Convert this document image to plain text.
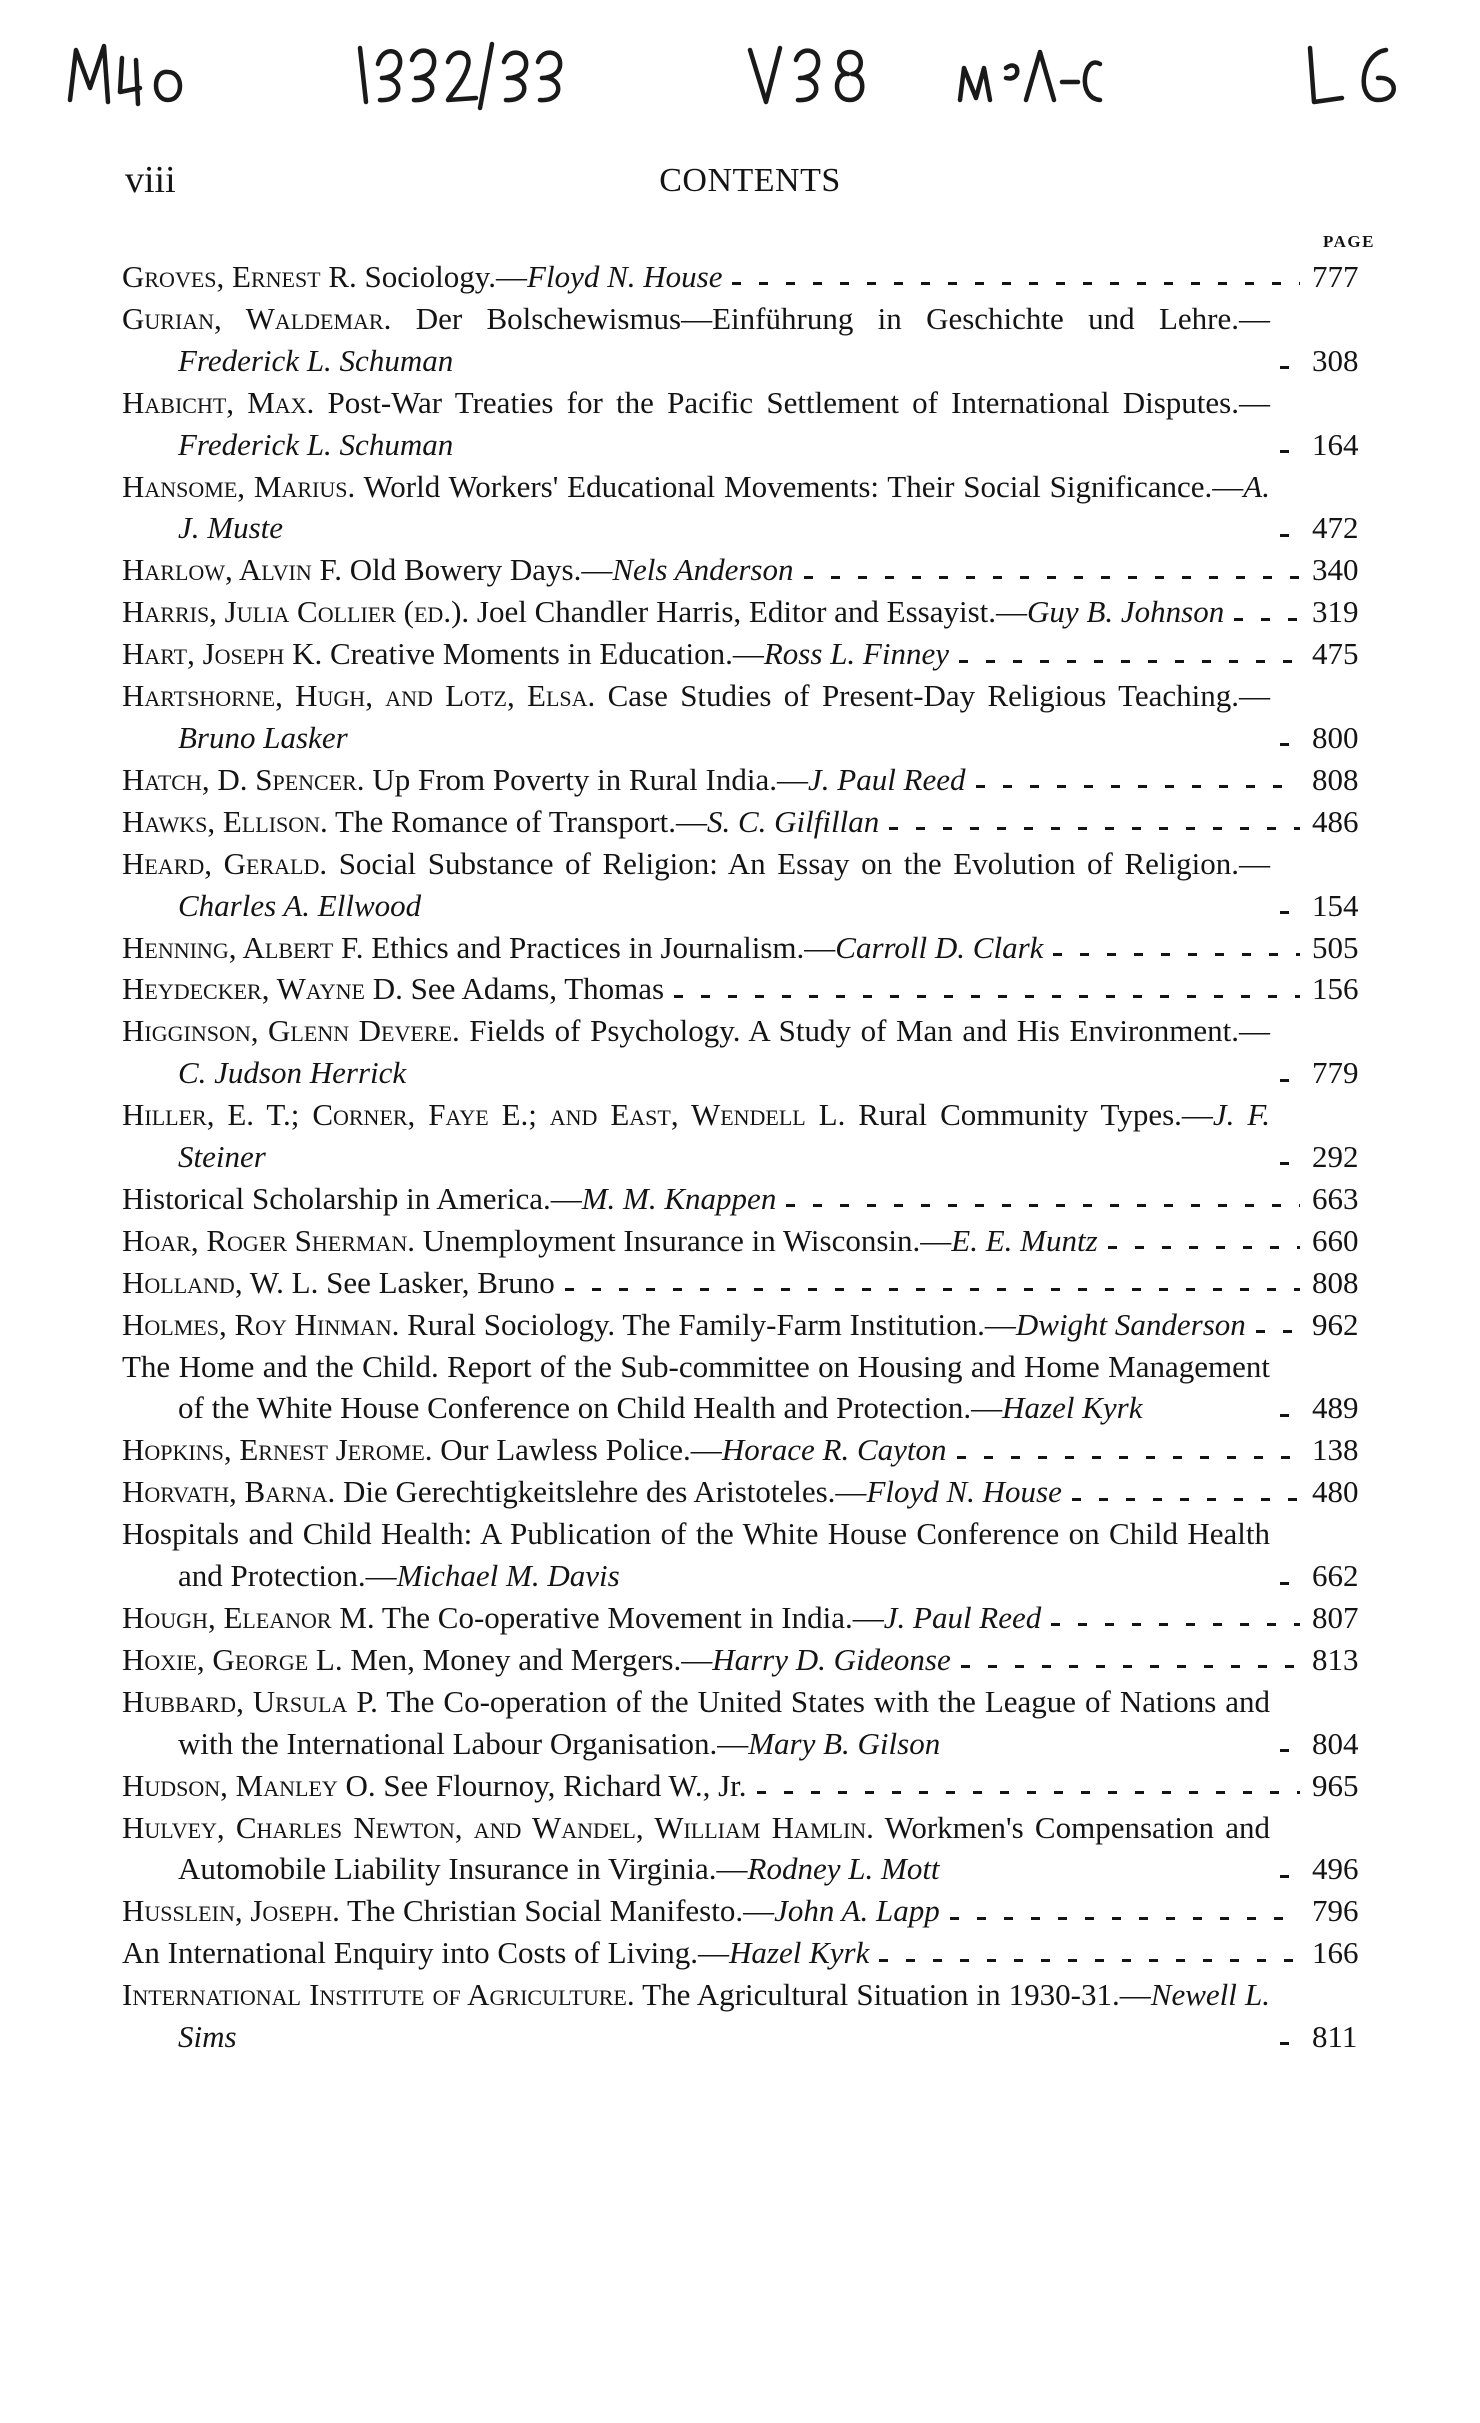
viii	CONTENTS
PAGE
Groves, Ernest R. Sociology.—Floyd N. House	777
Gurian, Waldemar. Der Bolschewismus—Einführung in Geschichte und Lehre.—Frederick L. Schuman	308
Habicht, Max. Post-War Treaties for the Pacific Settlement of International Disputes.—Frederick L. Schuman	164
Hansome, Marius. World Workers' Educational Movements: Their Social Significance.—A. J. Muste	472
Harlow, Alvin F. Old Bowery Days.—Nels Anderson	340
Harris, Julia Collier (ed.). Joel Chandler Harris, Editor and Essayist.—Guy B. Johnson	319
Hart, Joseph K. Creative Moments in Education.—Ross L. Finney	475
Hartshorne, Hugh, and Lotz, Elsa. Case Studies of Present-Day Religious Teaching.—Bruno Lasker	800
Hatch, D. Spencer. Up From Poverty in Rural India.—J. Paul Reed	808
Hawks, Ellison. The Romance of Transport.—S. C. Gilfillan	486
Heard, Gerald. Social Substance of Religion: An Essay on the Evolution of Religion.—Charles A. Ellwood	154
Henning, Albert F. Ethics and Practices in Journalism.—Carroll D. Clark	505
Heydecker, Wayne D. See Adams, Thomas	156
Higginson, Glenn Devere. Fields of Psychology. A Study of Man and His Environment.—C. Judson Herrick	779
Hiller, E. T.; Corner, Faye E.; and East, Wendell L. Rural Community Types.—J. F. Steiner	292
Historical Scholarship in America.—M. M. Knappen	663
Hoar, Roger Sherman. Unemployment Insurance in Wisconsin.—E. E. Muntz	660
Holland, W. L. See Lasker, Bruno	808
Holmes, Roy Hinman. Rural Sociology. The Family-Farm Institution.—Dwight Sanderson 962
The Home and the Child. Report of the Sub-committee on Housing and Home Management of the White House Conference on Child Health and Protection.—Hazel Kyrk	489
Hopkins, Ernest Jerome. Our Lawless Police.—Horace R. Cayton	138
Horvath, Barna. Die Gerechtigkeitslehre des Aristoteles.—Floyd N. House	480
Hospitals and Child Health: A Publication of the White House Conference on Child Health and Protection.—Michael M. Davis	662
Hough, Eleanor M. The Co-operative Movement in India.—J. Paul Reed	807
Hoxie, George L. Men, Money and Mergers.—Harry D. Gideonse	813
Hubbard, Ursula P. The Co-operation of the United States with the League of Nations and with the International Labour Organisation.—Mary B. Gilson	804
Hudson, Manley O. See Flournoy, Richard W., Jr.	965
Hulvey, Charles Newton, and Wandel, William Hamlin. Workmen's Compensation and Automobile Liability Insurance in Virginia.—Rodney L. Mott	496
Husslein, Joseph. The Christian Social Manifesto.—John A. Lapp	796
An International Enquiry into Costs of Living.—Hazel Kyrk	166
International Institute of Agriculture. The Agricultural Situation in 1930-31.—Newell L. Sims	811
